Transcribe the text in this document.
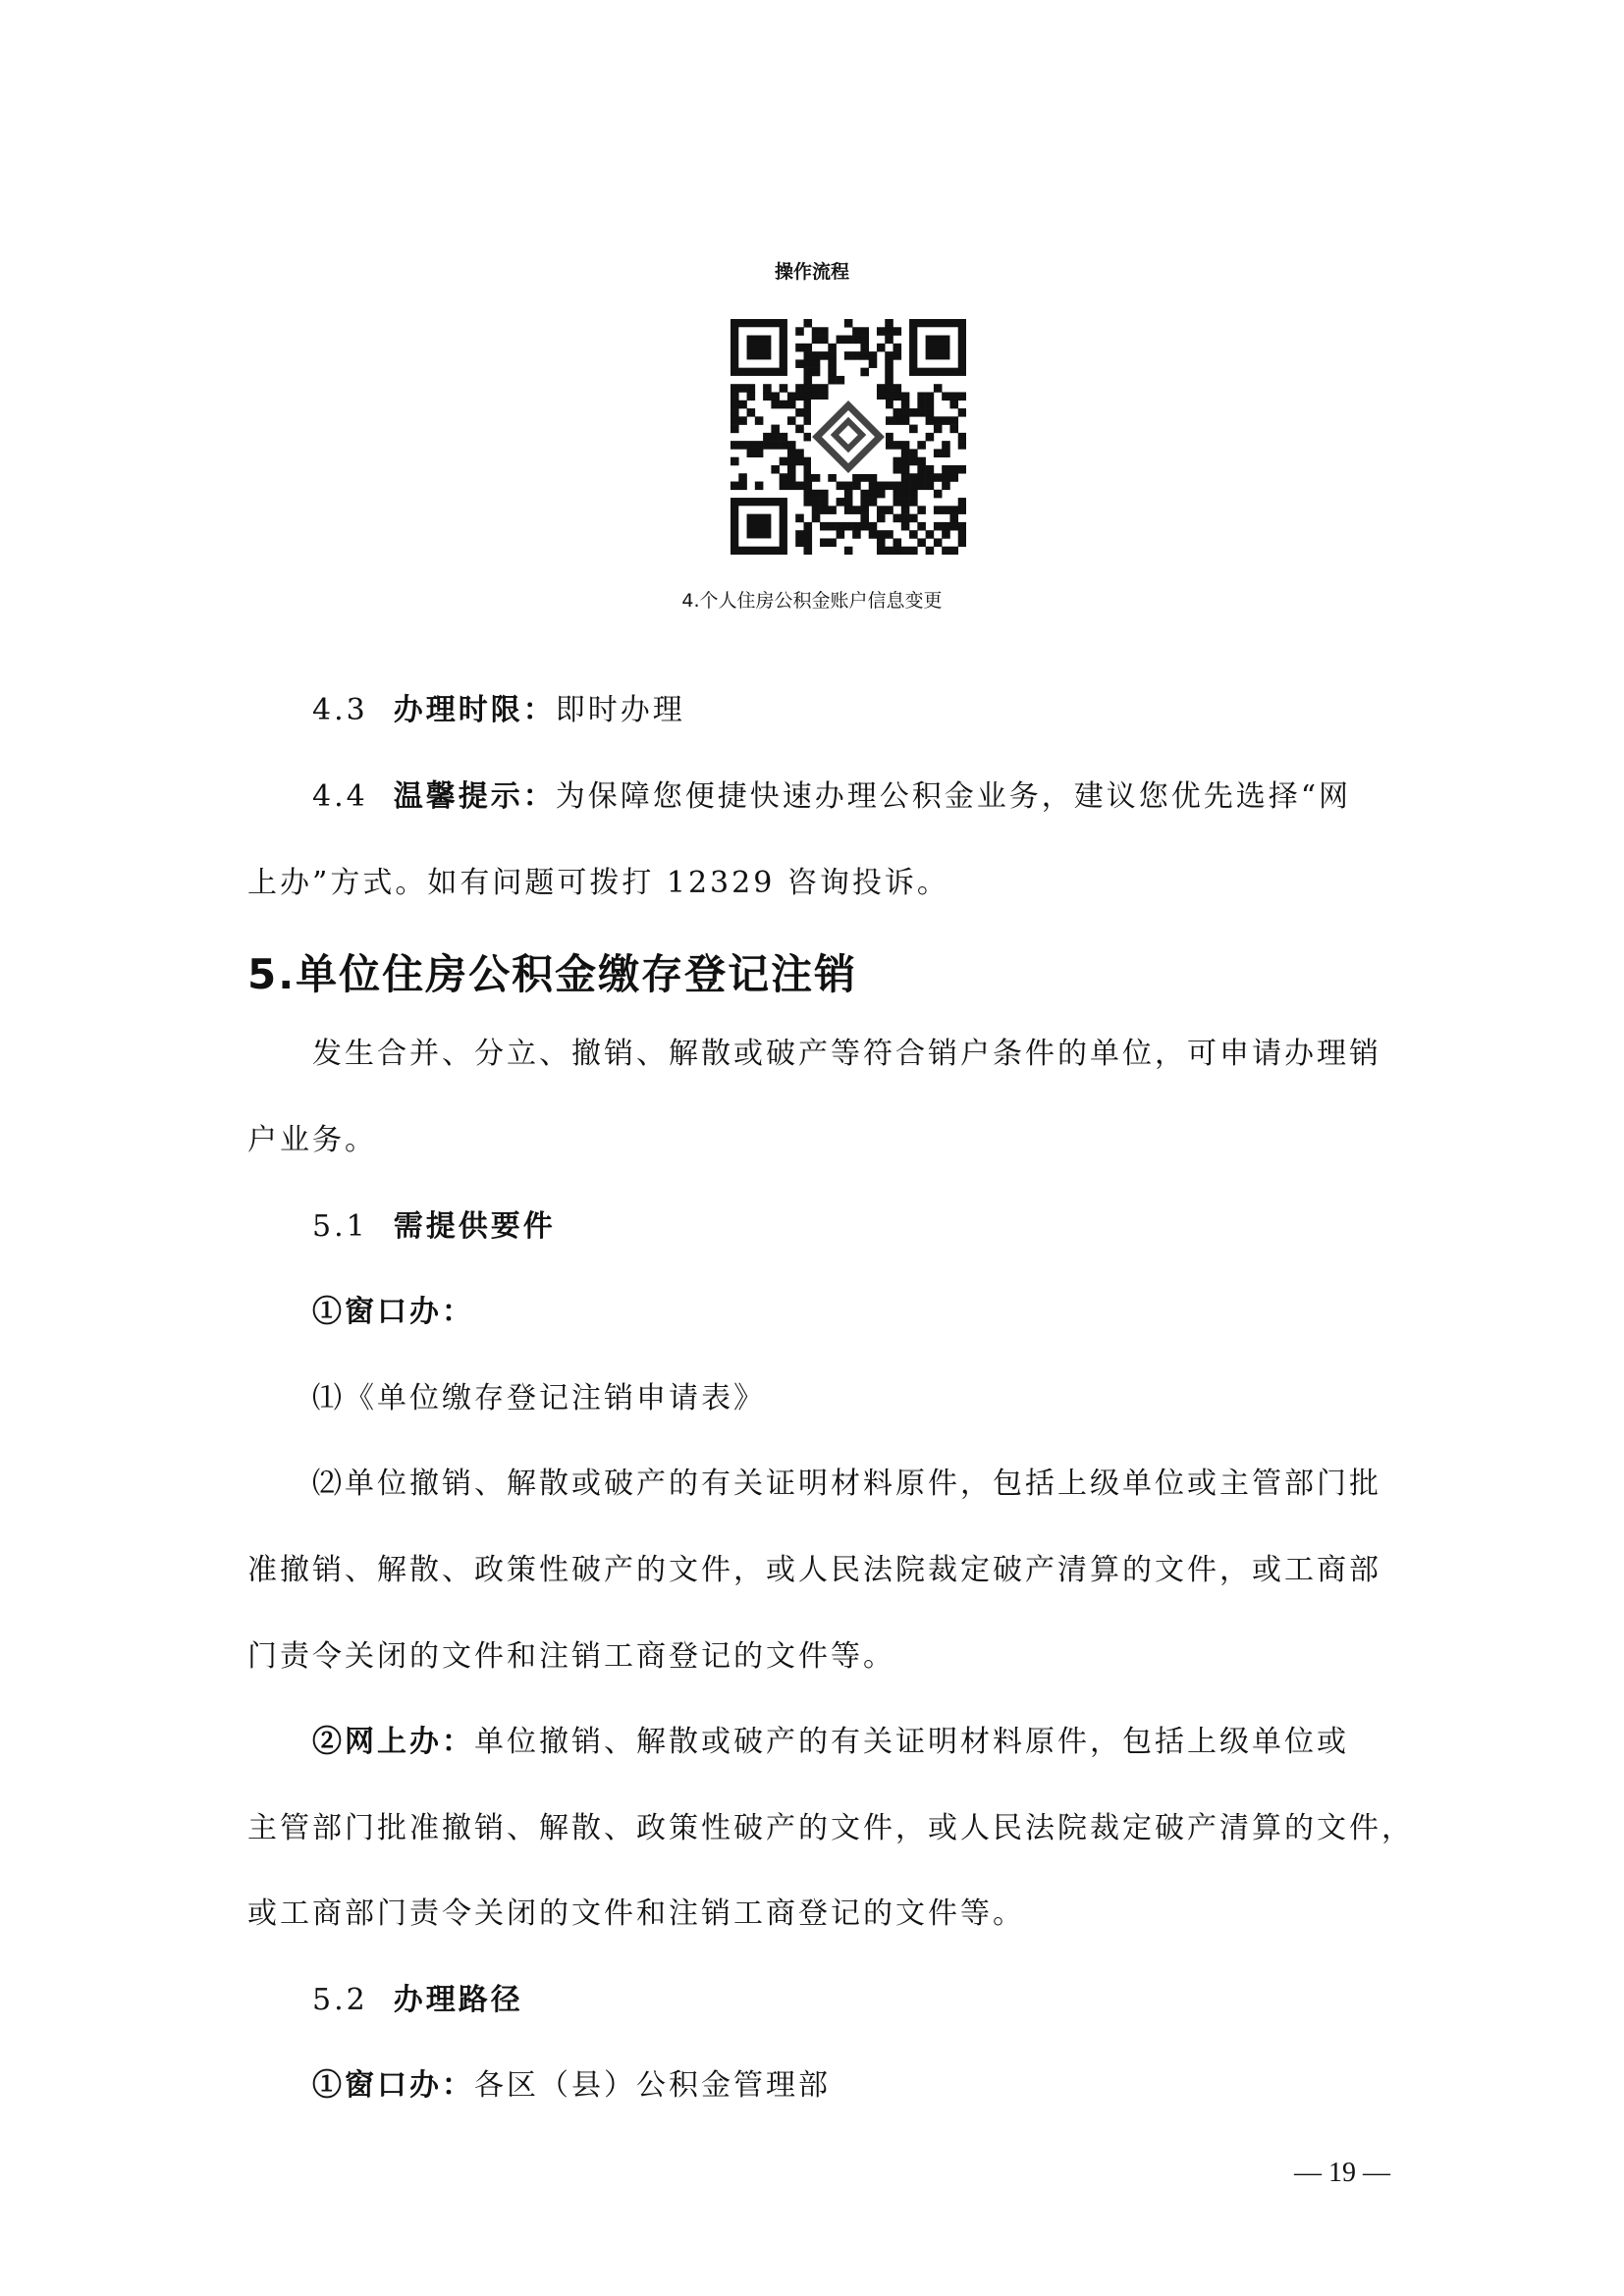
操作流程
4.个人住房公积金账户信息变更
4.3 办理时限：即时办理
4.4 温馨提示：为保障您便捷快速办理公积金业务，建议您优先选择“网
上办”方式。如有问题可拨打 12329 咨询投诉。
5.单位住房公积金缴存登记注销
发生合并、分立、撤销、解散或破产等符合销户条件的单位，可申请办理销
户业务。
5.1 需提供要件
①窗口办：
⑴《单位缴存登记注销申请表》
⑵单位撤销、解散或破产的有关证明材料原件，包括上级单位或主管部门批
准撤销、解散、政策性破产的文件，或人民法院裁定破产清算的文件，或工商部
门责令关闭的文件和注销工商登记的文件等。
②网上办：单位撤销、解散或破产的有关证明材料原件，包括上级单位或
主管部门批准撤销、解散、政策性破产的文件，或人民法院裁定破产清算的文件，
或工商部门责令关闭的文件和注销工商登记的文件等。
5.2 办理路径
①窗口办：各区（县）公积金管理部
— 19 —
